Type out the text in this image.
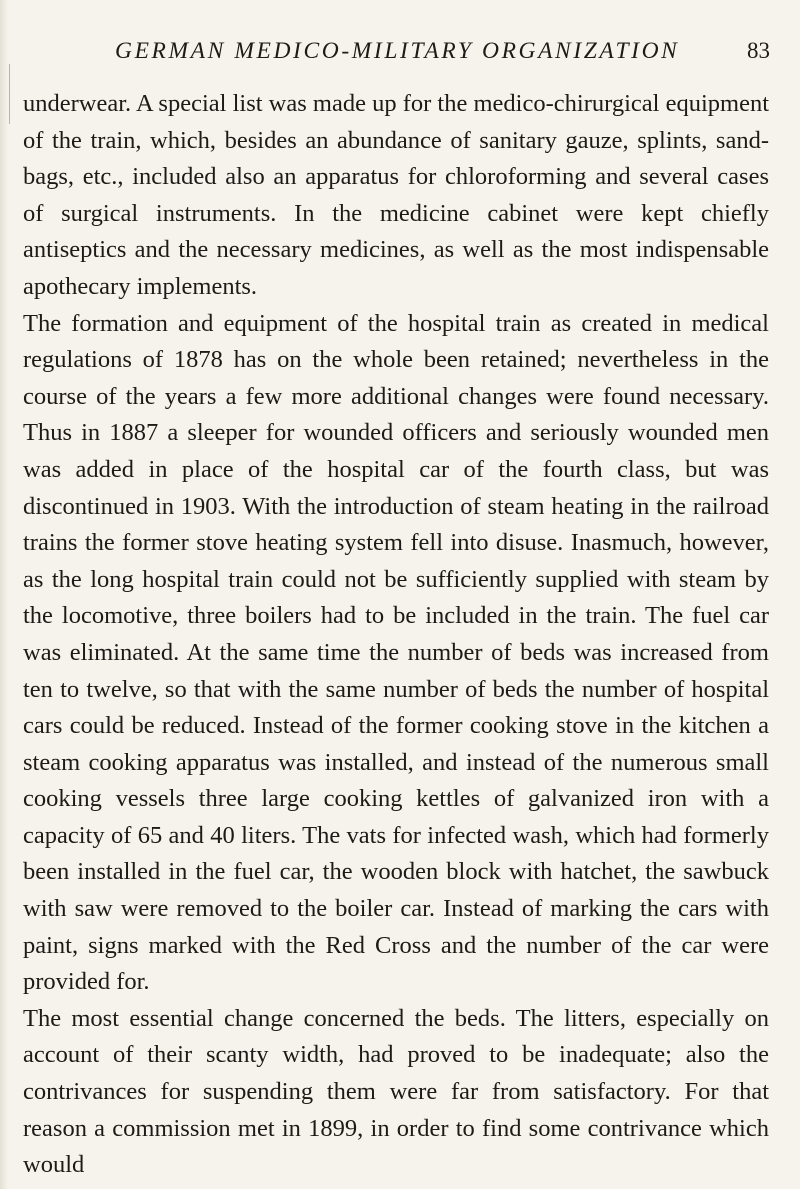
GERMAN MEDICO-MILITARY ORGANIZATION	83

underwear. A special list was made up for the medico-chirurgical equipment of the train, which, besides an abundance of sanitary gauze, splints, sand-bags, etc., included also an apparatus for chloroforming and several cases of surgical instruments. In the medicine cabinet were kept chiefly antiseptics and the necessary medicines, as well as the most indispensable apothecary implements.

The formation and equipment of the hospital train as created in medical regulations of 1878 has on the whole been retained; nevertheless in the course of the years a few more additional changes were found necessary. Thus in 1887 a sleeper for wounded officers and seriously wounded men was added in place of the hospital car of the fourth class, but was discontinued in 1903. With the introduction of steam heating in the railroad trains the former stove heating system fell into disuse. Inasmuch, however, as the long hospital train could not be sufficiently supplied with steam by the locomotive, three boilers had to be included in the train. The fuel car was eliminated. At the same time the number of beds was increased from ten to twelve, so that with the same number of beds the number of hospital cars could be reduced. Instead of the former cooking stove in the kitchen a steam cooking apparatus was installed, and instead of the numerous small cooking vessels three large cooking kettles of galvanized iron with a capacity of 65 and 40 liters. The vats for infected wash, which had formerly been installed in the fuel car, the wooden block with hatchet, the sawbuck with saw were removed to the boiler car. Instead of marking the cars with paint, signs marked with the Red Cross and the number of the car were provided for.

The most essential change concerned the beds. The litters, especially on account of their scanty width, had proved to be inadequate; also the contrivances for suspending them were far from satisfactory. For that reason a commission met in 1899, in order to find some contrivance which would
